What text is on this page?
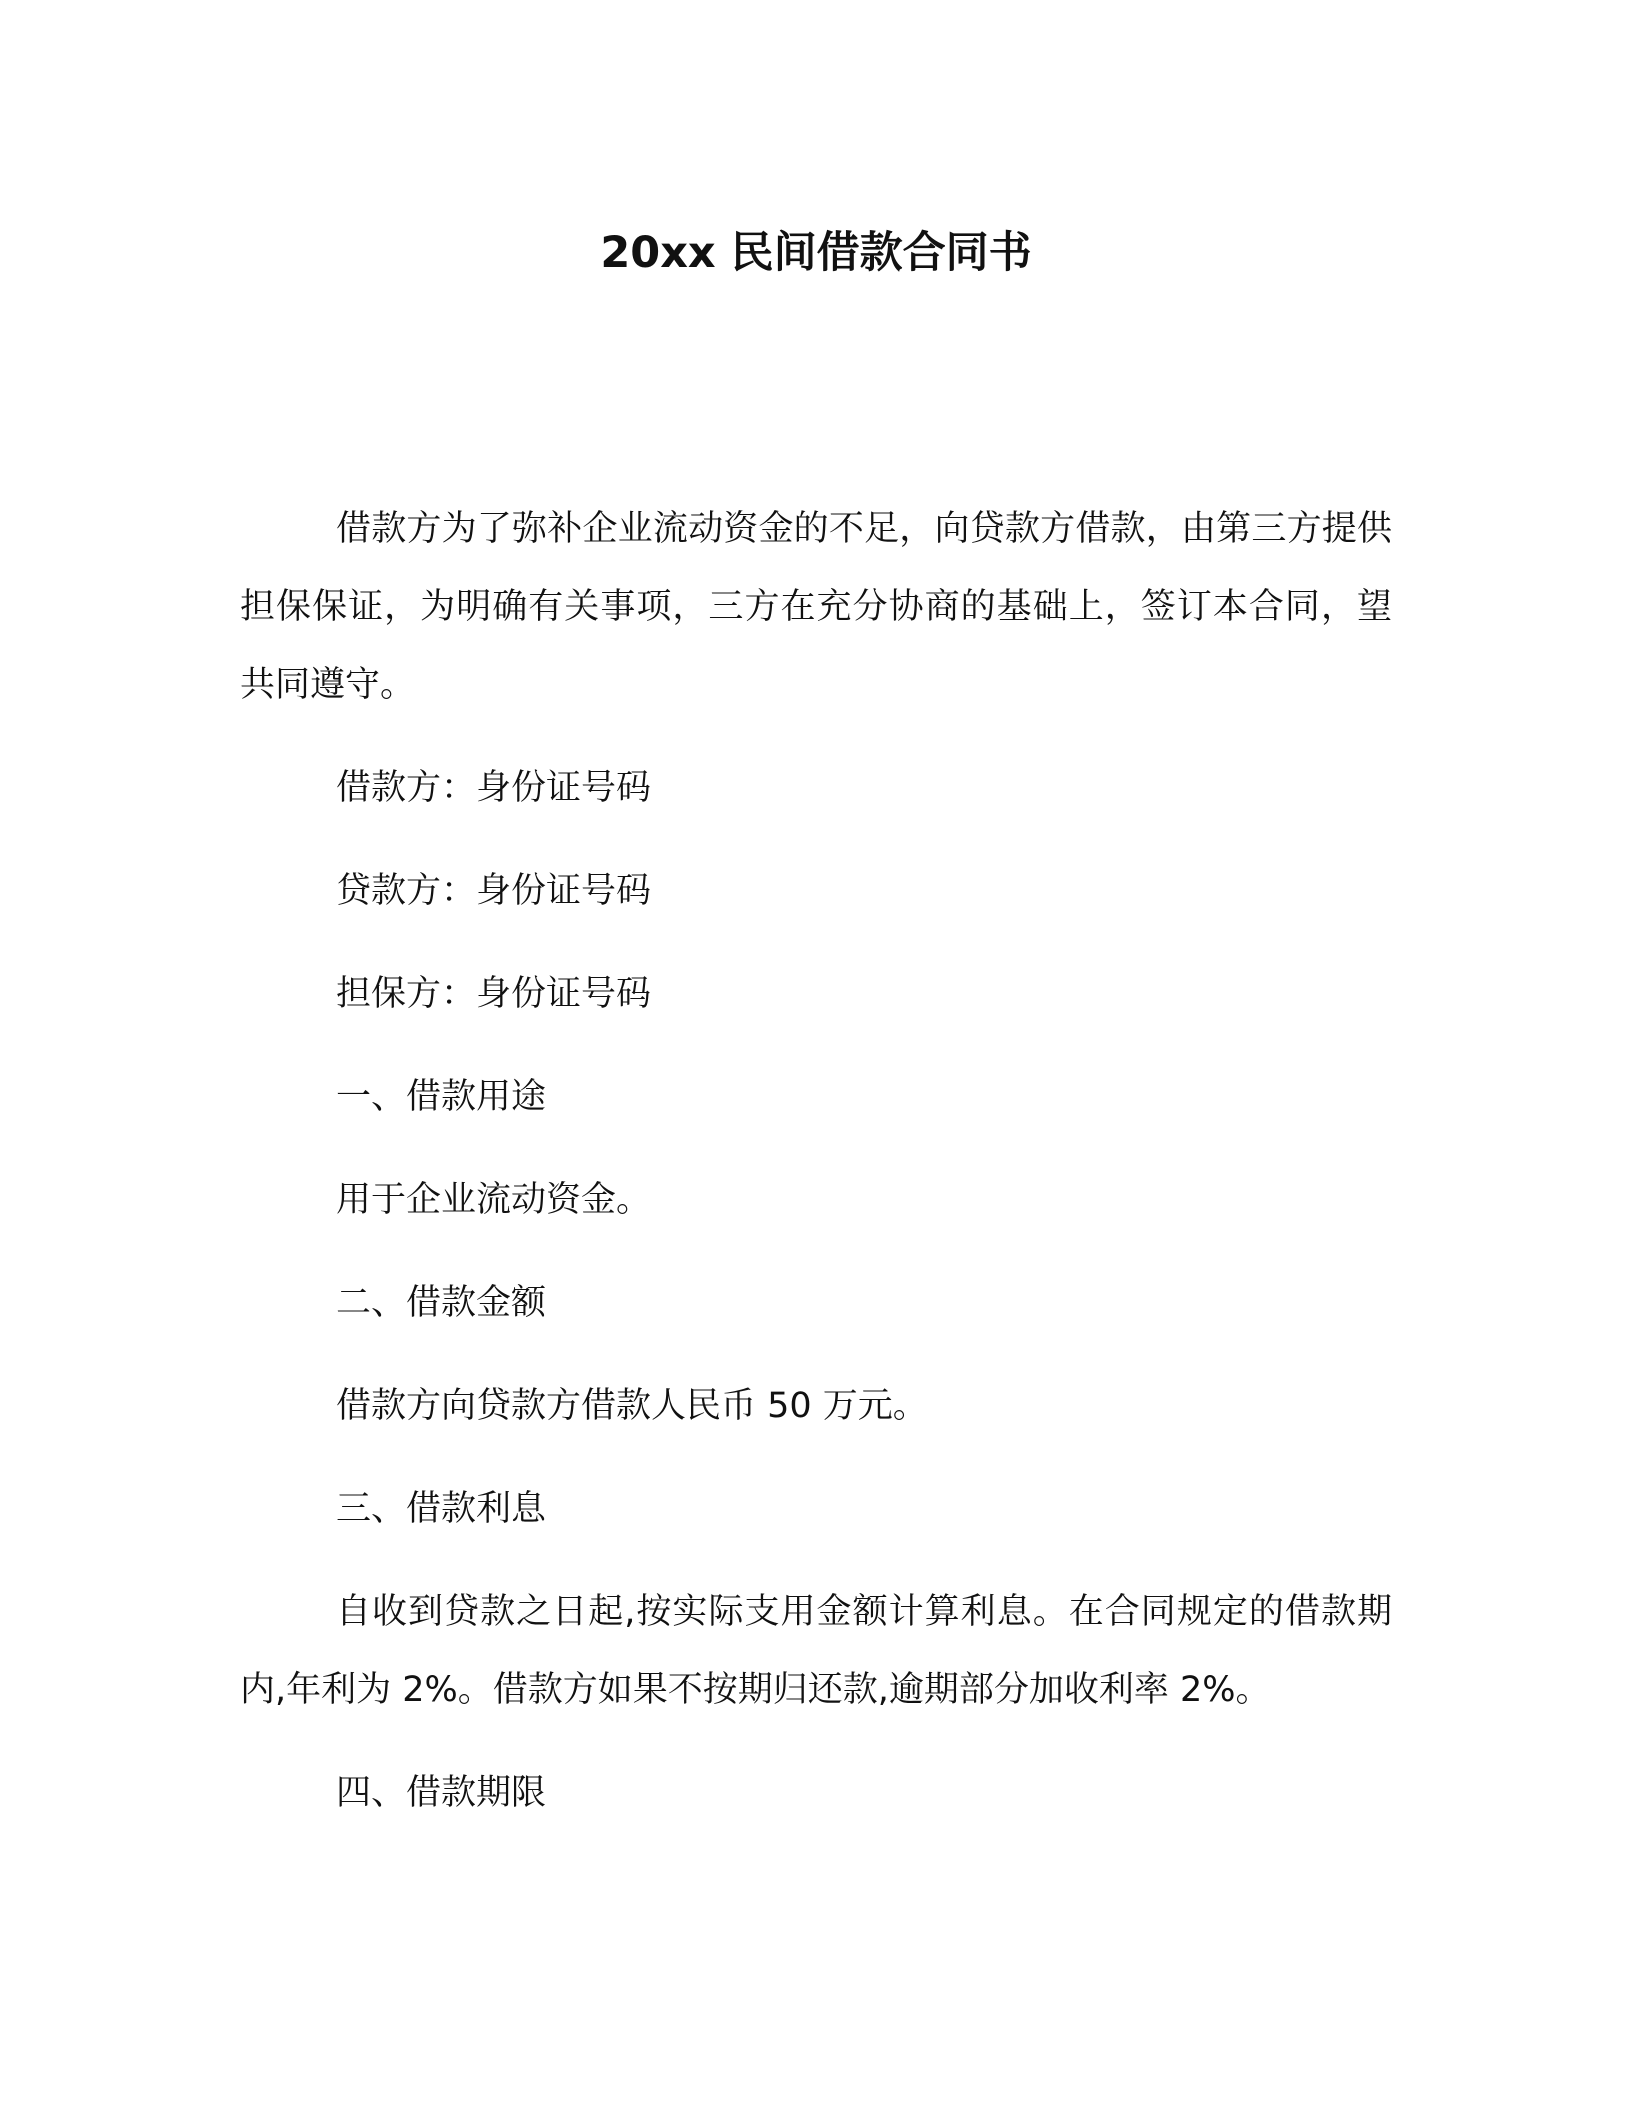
20xx 民间借款合同书

借款方为了弥补企业流动资金的不足，向贷款方借款，由第三方提供担保保证，为明确有关事项，三方在充分协商的基础上，签订本合同，望共同遵守。

借款方：身份证号码
贷款方：身份证号码
担保方：身份证号码
一、借款用途
用于企业流动资金。
二、借款金额
借款方向贷款方借款人民币 50 万元。
三、借款利息

自收到贷款之日起,按实际支用金额计算利息。在合同规定的借款期内,年利为 2%。借款方如果不按期归还款,逾期部分加收利率 2%。

四、借款期限
